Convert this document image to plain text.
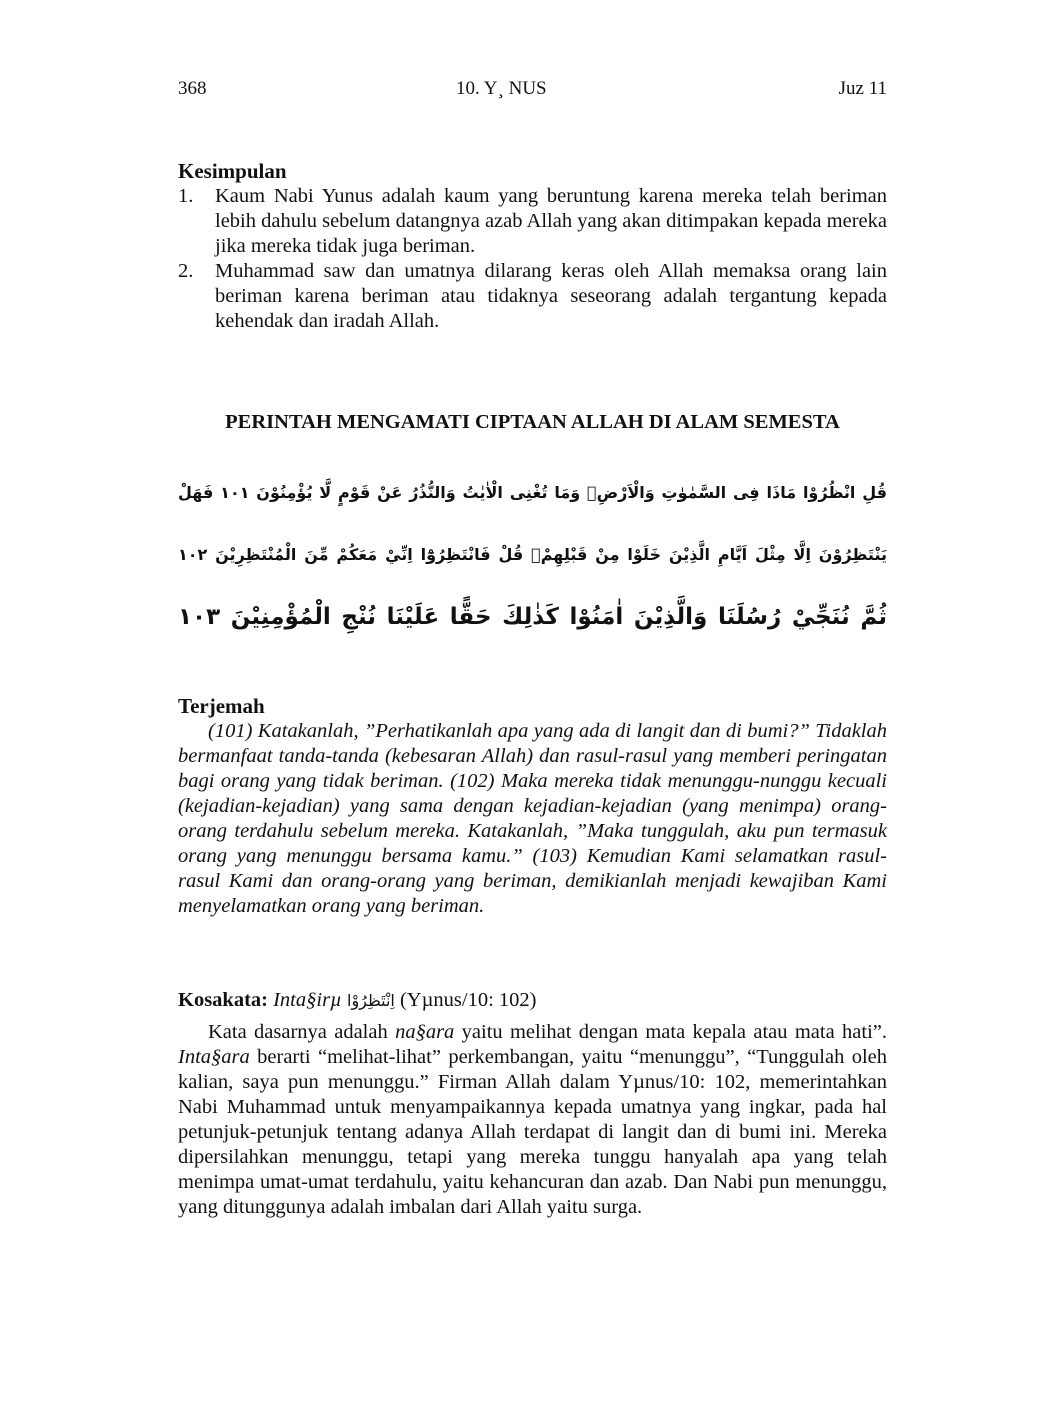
368	10. Y¸ NUS	Juz 11
Kesimpulan
1. Kaum Nabi Yunus adalah kaum yang beruntung karena mereka telah beriman lebih dahulu sebelum datangnya azab Allah yang akan ditimpakan kepada mereka jika mereka tidak juga beriman.
2. Muhammad saw dan umatnya dilarang keras oleh Allah memaksa orang lain beriman karena beriman atau tidaknya seseorang adalah tergantung kepada kehendak dan iradah Allah.
PERINTAH MENGAMATI CIPTAAN ALLAH DI ALAM SEMESTA
قُلِ انْظُرُوْا مَاذَا فِى السَّمٰوٰتِ وَالْاَرْضِۗ وَمَا تُغْنِى الْاٰيٰتُ وَالنُّذُرُ عَنْ قَوْمٍ لَّا يُؤْمِنُوْنَ ١٠١ فَهَلْ
يَنْتَظِرُوْنَ اِلَّا مِثْلَ اَيَّامِ الَّذِيْنَ خَلَوْا مِنْ قَبْلِهِمْۗ قُلْ فَانْتَظِرُوْٓا اِنِّيْ مَعَكُمْ مِّنَ الْمُنْتَظِرِيْنَ ١٠٢
ثُمَّ نُنَجِّيْ رُسُلَنَا وَالَّذِيْنَ اٰمَنُوْا كَذٰلِكَ حَقًّا عَلَيْنَا نُنْجِ الْمُؤْمِنِيْنَ ١٠٣
Terjemah
(101) Katakanlah, ”Perhatikanlah apa yang ada di langit dan di bumi?” Tidaklah bermanfaat tanda-tanda (kebesaran Allah) dan rasul-rasul yang memberi peringatan bagi orang yang tidak beriman. (102) Maka mereka tidak menunggu-nunggu kecuali (kejadian-kejadian) yang sama dengan kejadian-kejadian (yang menimpa) orang-orang terdahulu sebelum mereka. Katakanlah, ”Maka tunggulah, aku pun termasuk orang yang menunggu bersama kamu.” (103) Kemudian Kami selamatkan rasul-rasul Kami dan orang-orang yang beriman, demikianlah menjadi kewajiban Kami menyelamatkan orang yang beriman.
Kosakata: Inta§irµ اِنْتَظِرُوْا (Yµnus/10: 102)
Kata dasarnya adalah na§ara yaitu melihat dengan mata kepala atau mata hati”. Inta§ara berarti “melihat-lihat” perkembangan, yaitu “menunggu”, “Tunggulah oleh kalian, saya pun menunggu.” Firman Allah dalam Yµnus/10: 102, memerintahkan Nabi Muhammad untuk menyampaikannya kepada umatnya yang ingkar, pada hal petunjuk-petunjuk tentang adanya Allah terdapat di langit dan di bumi ini. Mereka dipersilahkan menunggu, tetapi yang mereka tunggu hanyalah apa yang telah menimpa umat-umat terdahulu, yaitu kehancuran dan azab. Dan Nabi pun menunggu, yang ditunggunya adalah imbalan dari Allah yaitu surga.
